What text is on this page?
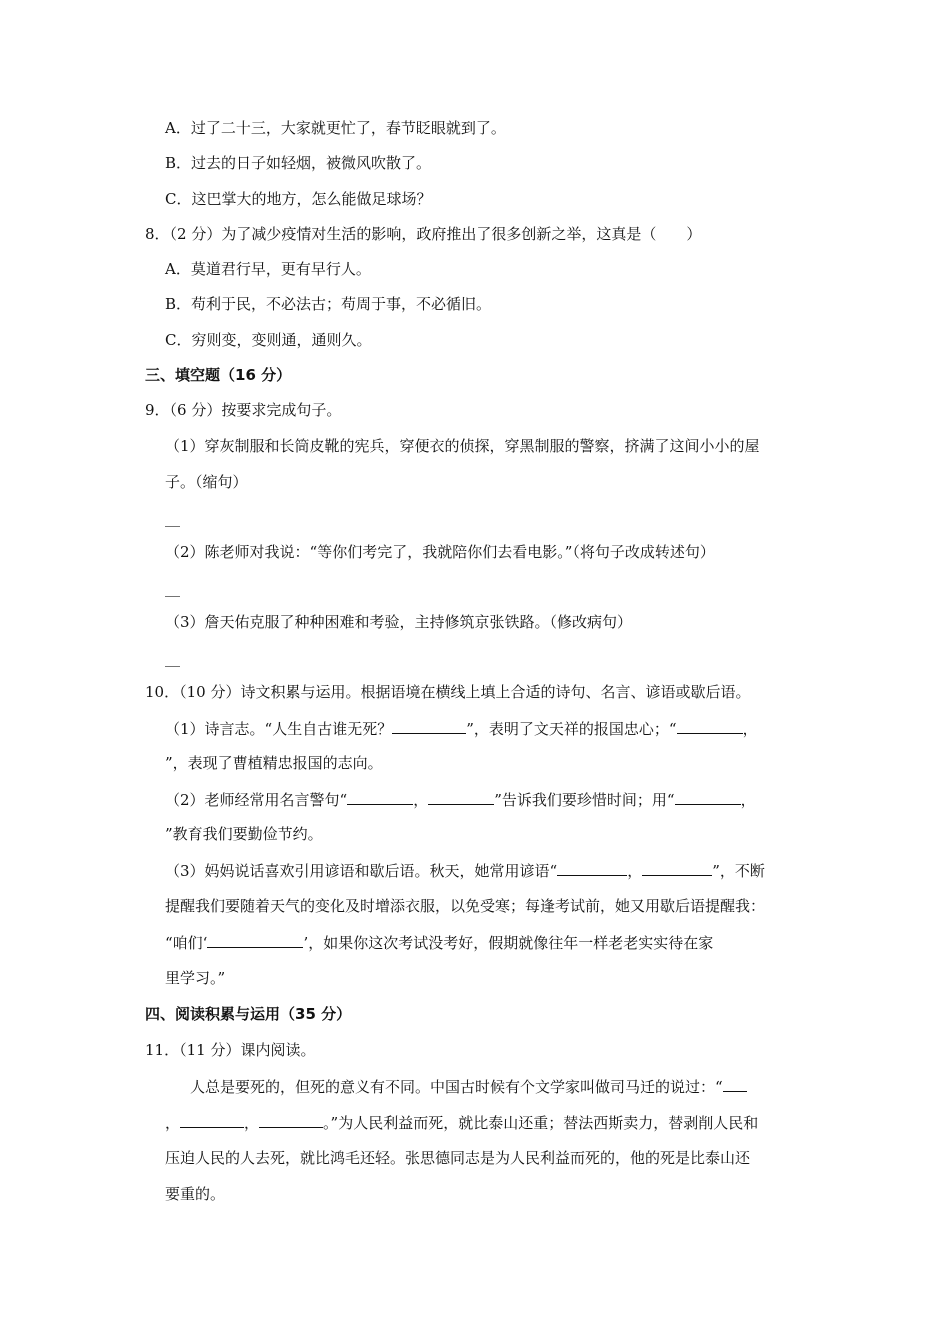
A．过了二十三，大家就更忙了，春节眨眼就到了。
B．过去的日子如轻烟，被微风吹散了。
C．这巴掌大的地方，怎么能做足球场？
8．（2 分）为了减少疫情对生活的影响，政府推出了很多创新之举，这真是（　　）
A．莫道君行早，更有早行人。
B．苟利于民，不必法古；苟周于事，不必循旧。
C．穷则变，变则通，通则久。
三、填空题（16 分）
9．（6 分）按要求完成句子。
（1）穿灰制服和长筒皮靴的宪兵，穿便衣的侦探，穿黑制服的警察，挤满了这间小小的屋
子。（缩句）
__
（2）陈老师对我说：“等你们考完了，我就陪你们去看电影。”（将句子改成转述句）
__
（3）詹天佑克服了种种困难和考验，主持修筑京张铁路。（修改病句）
__
10．（10 分）诗文积累与运用。根据语境在横线上填上合适的诗句、名言、谚语或歇后语。
（1）诗言志。“人生自古谁无死？	”，表明了文天祥的报国忠心；“	，
”，表现了曹植精忠报国的志向。
（2）老师经常用名言警句“	，	”告诉我们要珍惜时间；用“	，
”教育我们要勤俭节约。
（3）妈妈说话喜欢引用谚语和歇后语。秋天，她常用谚语“	，	”，不断
提醒我们要随着天气的变化及时增添衣服，以免受寒；每逢考试前，她又用歇后语提醒我：
“咱们‘	’，如果你这次考试没考好，假期就像往年一样老老实实待在家
里学习。”
四、阅读积累与运用（35 分）
11．（11 分）课内阅读。
人总是要死的，但死的意义有不同。中国古时候有个文学家叫做司马迁的说过：“
，	，	。”为人民利益而死，就比泰山还重；替法西斯卖力，替剥削人民和
压迫人民的人去死，就比鸿毛还轻。张思德同志是为人民利益而死的，他的死是比泰山还
要重的。
